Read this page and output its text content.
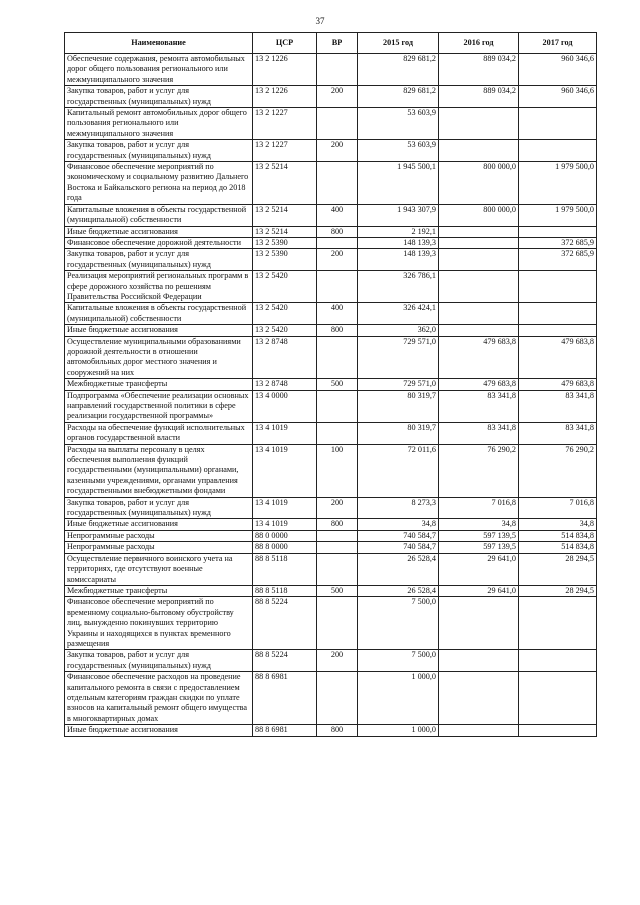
37
Наименование	ЦСР	ВР	2015 год	2016 год	2017 год
Обеспечение содержания, ремонта автомобильных дорог общего пользования регионального или межмуниципального значения	13 2 1226		829 681,2	889 034,2	960 346,6
Закупка товаров, работ и услуг для государственных (муниципальных) нужд	13 2 1226	200	829 681,2	889 034,2	960 346,6
Капитальный ремонт автомобильных дорог общего пользования регионального или межмуниципального значения	13 2 1227		53 603,9		
Закупка товаров, работ и услуг для государственных (муниципальных) нужд	13 2 1227	200	53 603,9		
Финансовое обеспечение мероприятий по экономическому и социальному развитию Дальнего Востока и Байкальского региона на период до 2018 года	13 2 5214		1 945 500,1	800 000,0	1 979 500,0
Капитальные вложения в объекты государственной (муниципальной) собственности	13 2 5214	400	1 943 307,9	800 000,0	1 979 500,0
Иные бюджетные ассигнования	13 2 5214	800	2 192,1		
Финансовое обеспечение дорожной деятельности	13 2 5390		148 139,3		372 685,9
Закупка товаров, работ и услуг для государственных (муниципальных) нужд	13 2 5390	200	148 139,3		372 685,9
Реализация мероприятий региональных программ в сфере дорожного хозяйства по решениям Правительства Российской Федерации	13 2 5420		326 786,1		
Капитальные вложения в объекты государственной (муниципальной) собственности	13 2 5420	400	326 424,1		
Иные бюджетные ассигнования	13 2 5420	800	362,0		
Осуществление муниципальными образованиями дорожной деятельности в отношении автомобильных дорог местного значения и сооружений на них	13 2 8748		729 571,0	479 683,8	479 683,8
Межбюджетные трансферты	13 2 8748	500	729 571,0	479 683,8	479 683,8
Подпрограмма «Обеспечение реализации основных направлений государственной политики в сфере реализации государственной программы»	13 4 0000		80 319,7	83 341,8	83 341,8
Расходы на обеспечение функций исполнительных органов государственной власти	13 4 1019		80 319,7	83 341,8	83 341,8
Расходы на выплаты персоналу в целях обеспечения выполнения функций государственными (муниципальными) органами, казенными учреждениями, органами управления государственными внебюджетными фондами	13 4 1019	100	72 011,6	76 290,2	76 290,2
Закупка товаров, работ и услуг для государственных (муниципальных) нужд	13 4 1019	200	8 273,3	7 016,8	7 016,8
Иные бюджетные ассигнования	13 4 1019	800	34,8	34,8	34,8
Непрограммные расходы	88 0 0000		740 584,7	597 139,5	514 834,8
Непрограммные расходы	88 8 0000		740 584,7	597 139,5	514 834,8
Осуществление первичного воинского учета на территориях, где отсутствуют военные комиссариаты	88 8 5118		26 528,4	29 641,0	28 294,5
Межбюджетные трансферты	88 8 5118	500	26 528,4	29 641,0	28 294,5
Финансовое обеспечение мероприятий по временному социально-бытовому обустройству лиц, вынужденно покинувших территорию Украины и находящихся в пунктах временного размещения	88 8 5224		7 500,0		
Закупка товаров, работ и услуг для государственных (муниципальных) нужд	88 8 5224	200	7 500,0		
Финансовое обеспечение расходов на проведение капитального ремонта в связи с предоставлением отдельным категориям граждан скидки по уплате взносов на капитальный ремонт общего имущества в многоквартирных домах	88 8 6981		1 000,0		
Иные бюджетные ассигнования	88 8 6981	800	1 000,0		
